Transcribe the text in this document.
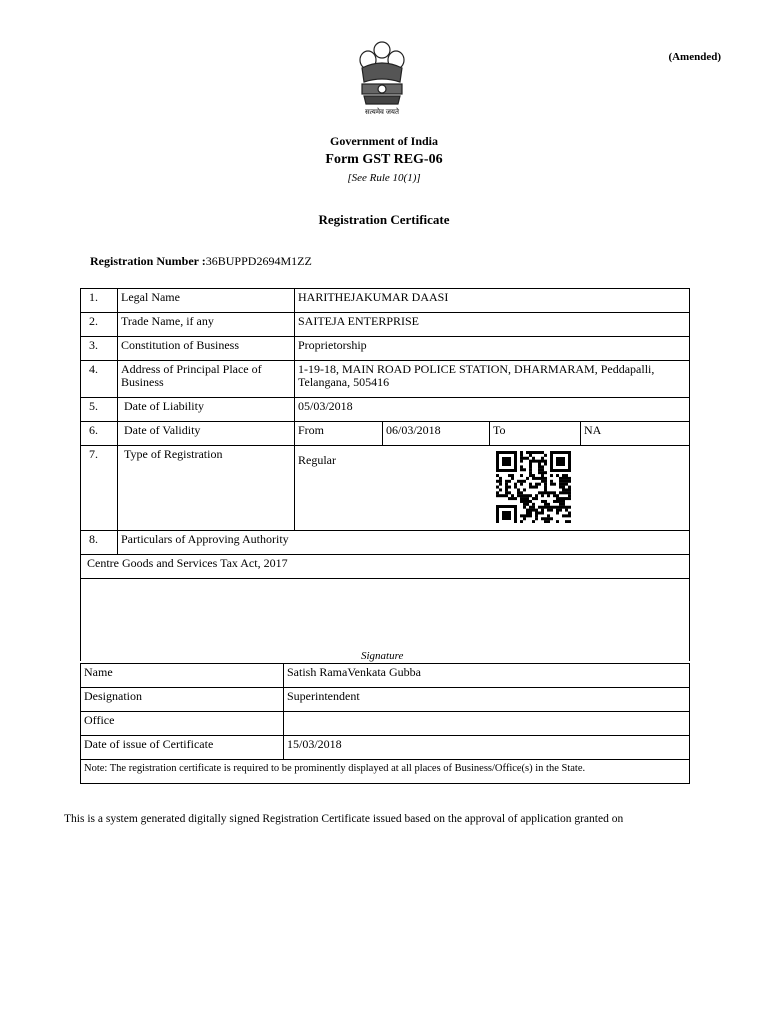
(Amended)
सत्यमेव जयते
Government of India
Form GST REG-06
[See Rule 10(1)]
Registration Certificate
Registration Number :36BUPPD2694M1ZZ
1.	Legal Name	HARITHEJAKUMAR DAASI			
2.	Trade Name, if any	SAITEJA ENTERPRISE			
3.	Constitution of Business	Proprietorship			
4.	Address of Principal Place of Business	1-19-18, MAIN ROAD POLICE STATION, DHARMARAM, Peddapalli, Telangana, 505416			
5.	Date of Liability	05/03/2018			
6.	Date of Validity	From	06/03/2018	To	NA
7.	Type of Registration	Regular			

8.	Particulars of Approving Authority				
Centre Goods and Services Tax Act, 2017					

Signature					
Name	Satish RamaVenkata Gubba
Designation	Superintendent
Office	
Date of issue of Certificate	15/03/2018
Note: The registration certificate is required to be prominently displayed at all places of Business/Office(s) in the State.	
This is a system generated digitally signed Registration Certificate issued based on the approval of application granted on
